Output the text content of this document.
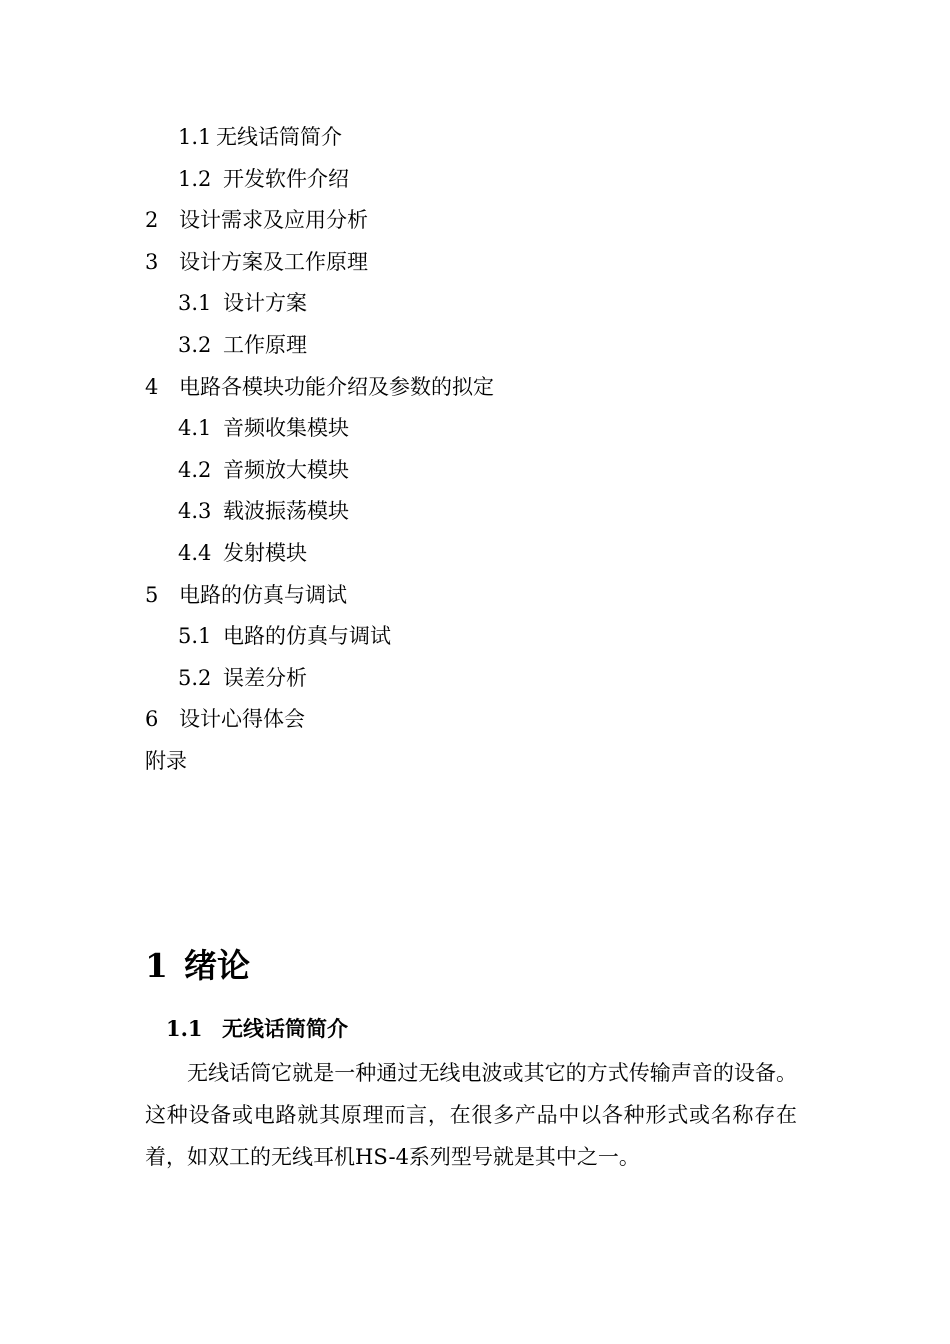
1.1 无线话筒简介
1.2 开发软件介绍
2 设计需求及应用分析
3 设计方案及工作原理
3.1 设计方案
3.2 工作原理
4 电路各模块功能介绍及参数的拟定
4.1 音频收集模块
4.2 音频放大模块
4.3 载波振荡模块
4.4 发射模块
5 电路的仿真与调试
5.1 电路的仿真与调试
5.2 误差分析
6 设计心得体会
附录
1 绪论
1.1 无线话筒简介

无线话筒它就是一种通过无线电波或其它的方式传输声音的设备。这种设备或电路就其原理而言，在很多产品中以各种形式或名称存在着，如双工的无线耳机HS-4系列型号就是其中之一。
